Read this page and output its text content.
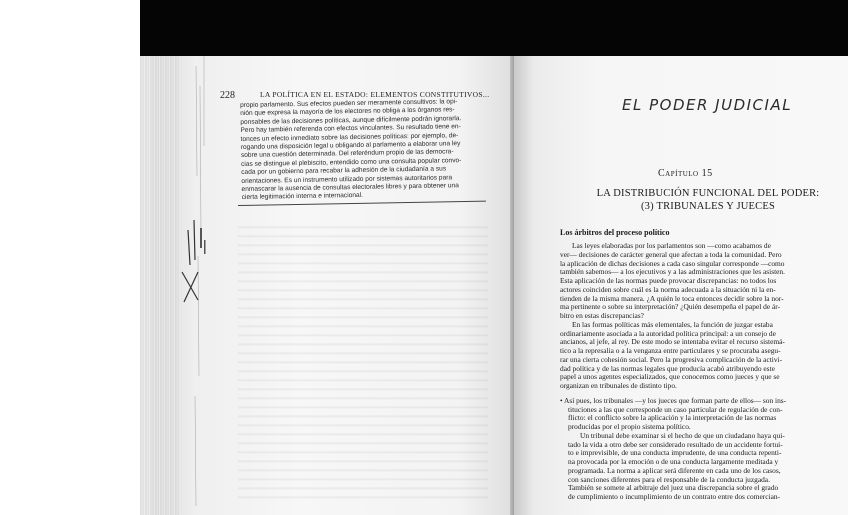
228	LA POLÍTICA EN EL ESTADO: ELEMENTOS CONSTITUTIVOS...
propio parlamento. Sus efectos pueden ser meramente consultivos: la opi-
nión que expresa la mayoría de los electores no obliga a los órganos res-
ponsables de las decisiones políticas, aunque difícilmente podrán ignorarla.
Pero hay también referenda con efectos vinculantes. Su resultado tiene en-
tonces un efecto inmediato sobre las decisiones políticas: por ejemplo, de-
rogando una disposición legal u obligando al parlamento a elaborar una ley
sobre una cuestión determinada. Del referéndum propio de las democra-
cias se distingue el plebiscito, entendido como una consulta popular convo-
cada por un gobierno para recabar la adhesión de la ciudadanía a sus
orientaciones. Es un instrumento utilizado por sistemas autoritarios para
enmascarar la ausencia de consultas electorales libres y para obtener una
cierta legitimación interna e internacional.
EL PODER JUDICIAL
Capítulo 15
LA DISTRIBUCIÓN FUNCIONAL DEL PODER:
(3) TRIBUNALES Y JUECES
Los árbitros del proceso político
Las leyes elaboradas por los parlamentos son —como acabamos de
ver— decisiones de carácter general que afectan a toda la comunidad. Pero
la aplicación de dichas decisiones a cada caso singular corresponde —como
también sabemos— a los ejecutivos y a las administraciones que les asisten.
Esta aplicación de las normas puede provocar discrepancias: no todos los
actores coinciden sobre cuál es la norma adecuada a la situación ni la en-
tienden de la misma manera. ¿A quién le toca entonces decidir sobre la nor-
ma pertinente o sobre su interpretación? ¿Quién desempeña el papel de ár-
bitro en estas discrepancias?
En las formas políticas más elementales, la función de juzgar estaba
ordinariamente asociada a la autoridad política principal: a un consejo de
ancianos, al jefe, al rey. De este modo se intentaba evitar el recurso sistemá-
tico a la represalia o a la venganza entre particulares y se procuraba asegu-
rar una cierta cohesión social. Pero la progresiva complicación de la activi-
dad política y de las normas legales que producía acabó atribuyendo este
papel a unos agentes especializados, que conocemos como jueces y que se
organizan en tribunales de distinto tipo.
• Así pues, los tribunales —y los jueces que forman parte de ellos— son ins-
tituciones a las que corresponde un caso particular de regulación de con-
flicto: el conflicto sobre la aplicación y la interpretación de las normas
producidas por el propio sistema político.
Un tribunal debe examinar si el hecho de que un ciudadano haya qui-
tado la vida a otro debe ser considerado resultado de un accidente fortui-
to e imprevisible, de una conducta imprudente, de una conducta repenti-
na provocada por la emoción o de una conducta largamente meditada y
programada. La norma a aplicar será diferente en cada uno de los casos,
con sanciones diferentes para el responsable de la conducta juzgada.
También se somete al arbitraje del juez una discrepancia sobre el grado
de cumplimiento o incumplimiento de un contrato entre dos comercian-
